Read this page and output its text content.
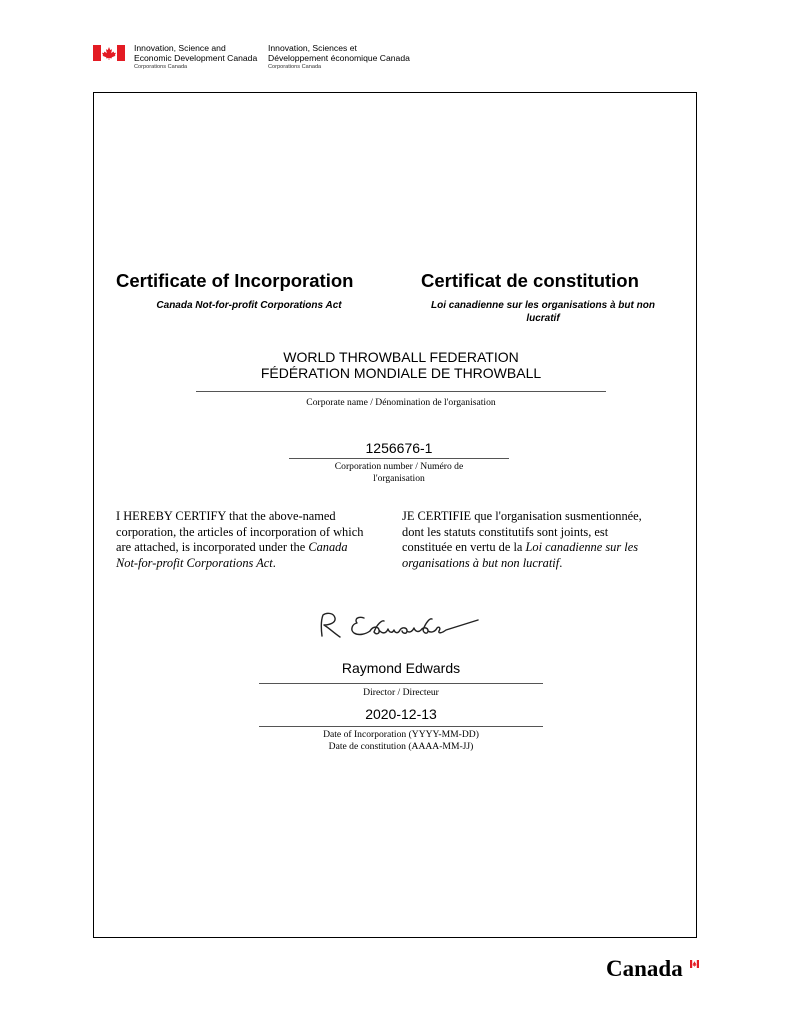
Innovation, Science and
Economic Development Canada
Corporations Canada
Innovation, Sciences et
Développement économique Canada
Corporations Canada
Certificate of Incorporation	Certificat de constitution
Canada Not-for-profit Corporations Act	Loi canadienne sur les organisations à but non
lucratif
WORLD THROWBALL FEDERATION
FÉDÉRATION MONDIALE DE THROWBALL
Corporate name / Dénomination de l'organisation
1256676-1
Corporation number / Numéro de
l'organisation
I HEREBY CERTIFY that the above-named
corporation, the articles of incorporation of which
are attached, is incorporated under the Canada
Not-for-profit Corporations Act.
JE CERTIFIE que l'organisation susmentionnée,
dont les statuts constitutifs sont joints, est
constituée en vertu de la Loi canadienne sur les
organisations à but non lucratif.
Raymond Edwards
Director / Directeur
2020-12-13
Date of Incorporation (YYYY-MM-DD)
Date de constitution (AAAA-MM-JJ)
Canada
